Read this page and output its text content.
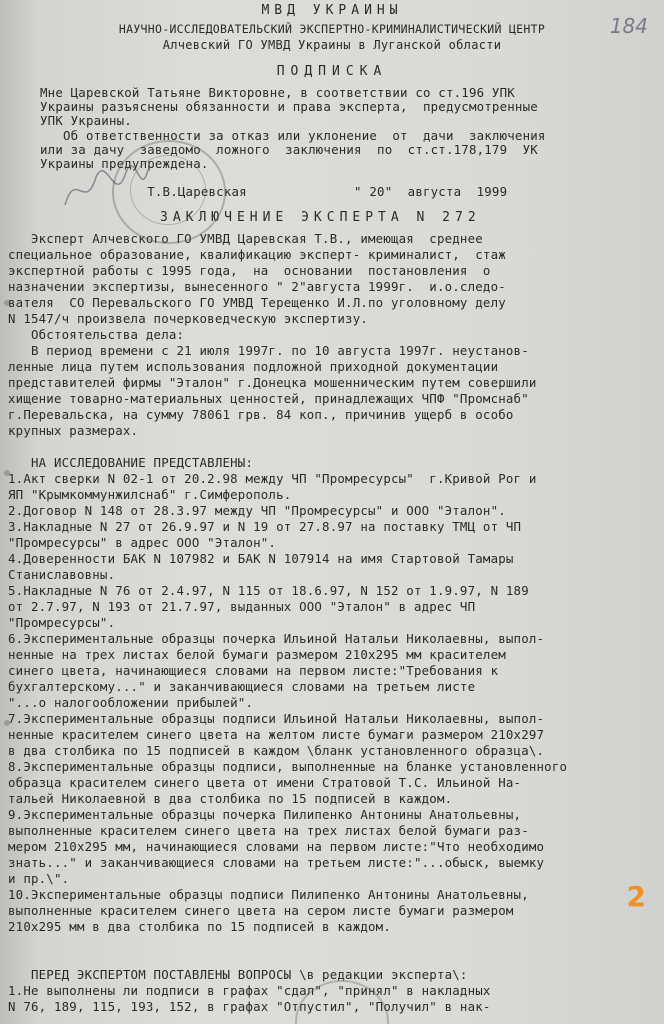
МВД УКРАИНЫ
НАУЧНО-ИССЛЕДОВАТЕЛЬСКИЙ ЭКСПЕРТНО-КРИМИНАЛИСТИЧЕСКИЙ ЦЕНТР
Алчевский ГО УМВД Украины в Луганской области
184
ПОДПИСКА
Мне Царевской Татьяне Викторовне, в соответствии со ст.196 УПК
Украины разъяснены обязанности и права эксперта,  предусмотренные
УПК Украины.
Об ответственности за отказ или уклонение  от  дачи  заключения
или за дачу  заведомо  ложного  заключения  по  ст.ст.178,179  УК
Украины предупреждена.
Т.В.Царевская              " 20"  августа  1999
ЗАКЛЮЧЕНИЕ ЭКСПЕРТА N 272
Эксперт Алчевского ГО УМВД Царевская Т.В., имеющая  среднее
специальное образование, квалификацию эксперт- криминалист,  стаж
экспертной работы с 1995 года,  на  основании  постановления  о
назначении экспертизы, вынесенного " 2"августа 1999г.  и.о.следо-
вателя  СО Перевальского ГО УМВД Терещенко И.Л.по уголовному делу
N 1547/ч произвела почерковедческую экспертизу.
Обстоятельства дела:
В период времени с 21 июля 1997г. по 10 августа 1997г. неустанов-
ленные лица путем использования подложной приходной документации
представителей фирмы "Эталон" г.Донецка мошенническим путем совершили
хищение товарно-материальных ценностей, принадлежащих ЧПФ "Промснаб"
г.Перевальска, на сумму 78061 грв. 84 коп., причинив ущерб в особо
крупных размерах.
НА ИССЛЕДОВАНИЕ ПРЕДСТАВЛЕНЫ:
1.Акт сверки N 02-1 от 20.2.98 между ЧП "Промресурсы"  г.Кривой Рог и
ЯП "Крымкоммунжилснаб" г.Симферополь.
2.Договор N 148 от 28.3.97 между ЧП "Промресурсы" и ООО "Эталон".
3.Накладные N 27 от 26.9.97 и N 19 от 27.8.97 на поставку ТМЦ от ЧП
"Промресурсы" в адрес ООО "Эталон".
4.Доверенности БАК N 107982 и БАК N 107914 на имя Стартовой Тамары
Станиславовны.
5.Накладные N 76 от 2.4.97, N 115 от 18.6.97, N 152 от 1.9.97, N 189
от 2.7.97, N 193 от 21.7.97, выданных ООО "Эталон" в адрес ЧП
"Промресурсы".
6.Экспериментальные образцы почерка Ильиной Натальи Николаевны, выпол-
ненные на трех листах белой бумаги размером 210х295 мм красителем
синего цвета, начинающиеся словами на первом листе:"Требования к
бухгалтерскому..." и заканчивающиеся словами на третьем листе
"...о налогообложении прибылей".
7.Экспериментальные образцы подписи Ильиной Натальи Николаевны, выпол-
ненные красителем синего цвета на желтом листе бумаги размером 210х297
в два столбика по 15 подписей в каждом \бланк установленного образца\.
8.Экспериментальные образцы подписи, выполненные на бланке установленного
образца красителем синего цвета от имени Стратовой Т.С. Ильиной На-
тальей Николаевной в два столбика по 15 подписей в каждом.
9.Экспериментальные образцы почерка Пилипенко Антонины Анатольевны,
выполненные красителем синего цвета на трех листах белой бумаги раз-
мером 210х295 мм, начинающиеся словами на первом листе:"Что необходимо
знать..." и заканчивающиеся словами на третьем листе:"...обыск, выемку
и пр.\".
10.Экспериментальные образцы подписи Пилипенко Антонины Анатольевны,
выполненные красителем синего цвета на сером листе бумаги размером
210х295 мм в два столбика по 15 подписей в каждом.
ПЕРЕД ЭКСПЕРТОМ ПОСТАВЛЕНЫ ВОПРОСЫ \в редакции эксперта\:
1.Не выполнены ли подписи в графах "сдал", "принял" в накладных
N 76, 189, 115, 193, 152, в графах "Отпустил", "Получил" в нак-
2
